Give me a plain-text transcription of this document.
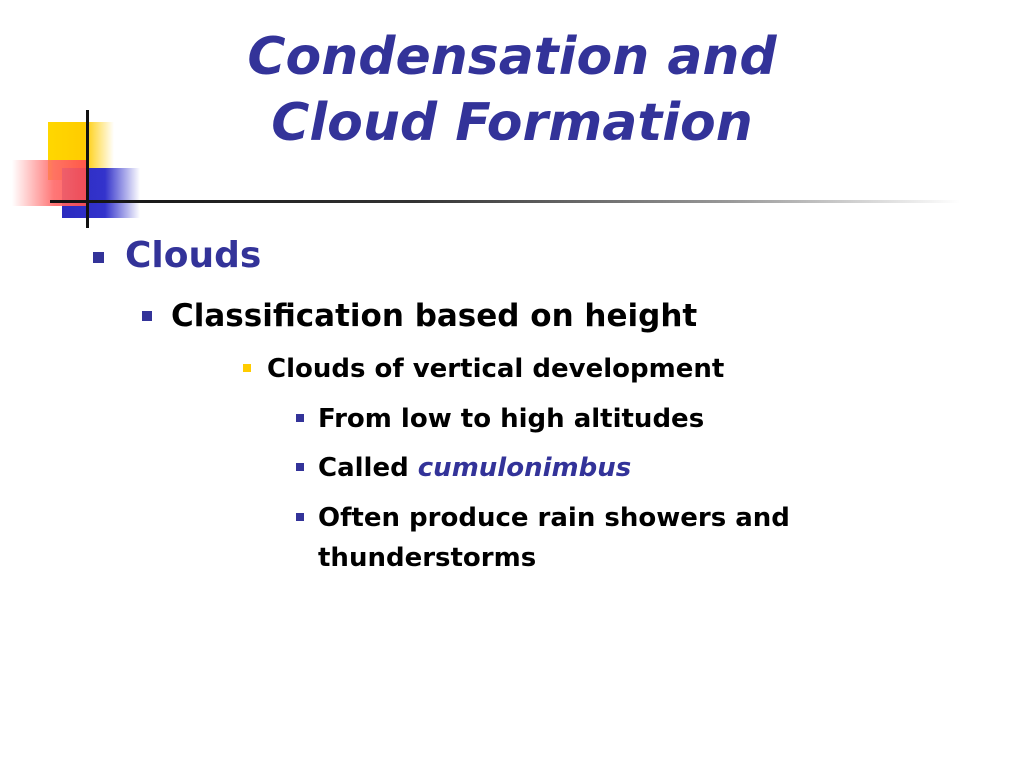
Condensation and
Cloud Formation
Clouds
Classification based on height
Clouds of vertical development
From low to high altitudes
Called cumulonimbus
Often produce rain showers and
thunderstorms
